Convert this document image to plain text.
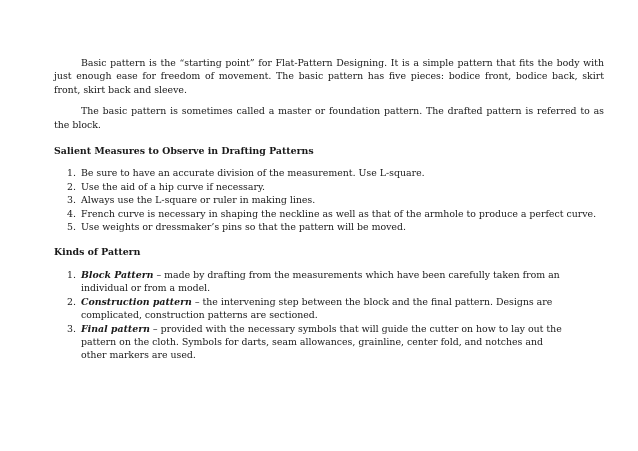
Basic pattern is the “starting point” for Flat-Pattern Designing. It is a simple pattern that fits the body with just enough ease for freedom of movement. The basic pattern has five pieces: bodice front, bodice back, skirt front, skirt back and sleeve.

The basic pattern is sometimes called a master or foundation pattern. The drafted pattern is referred to as the block.

Salient Measures to Observe in Drafting Patterns

1. Be sure to have an accurate division of the measurement. Use L-square.
2. Use the aid of a hip curve if necessary.
3. Always use the L-square or ruler in making lines.
4. French curve is necessary in shaping the neckline as well as that of the armhole to produce a perfect curve.
5. Use weights or dressmaker’s pins so that the pattern will be moved.

Kinds of Pattern

1. Block Pattern – made by drafting from the measurements which have been carefully taken from an individual or from a model.
2. Construction pattern – the intervening step between the block and the final pattern. Designs are complicated, construction patterns are sectioned.
3. Final pattern – provided with the necessary symbols that will guide the cutter on how to lay out the pattern on the cloth. Symbols for darts, seam allowances, grainline, center fold, and notches and other markers are used.
